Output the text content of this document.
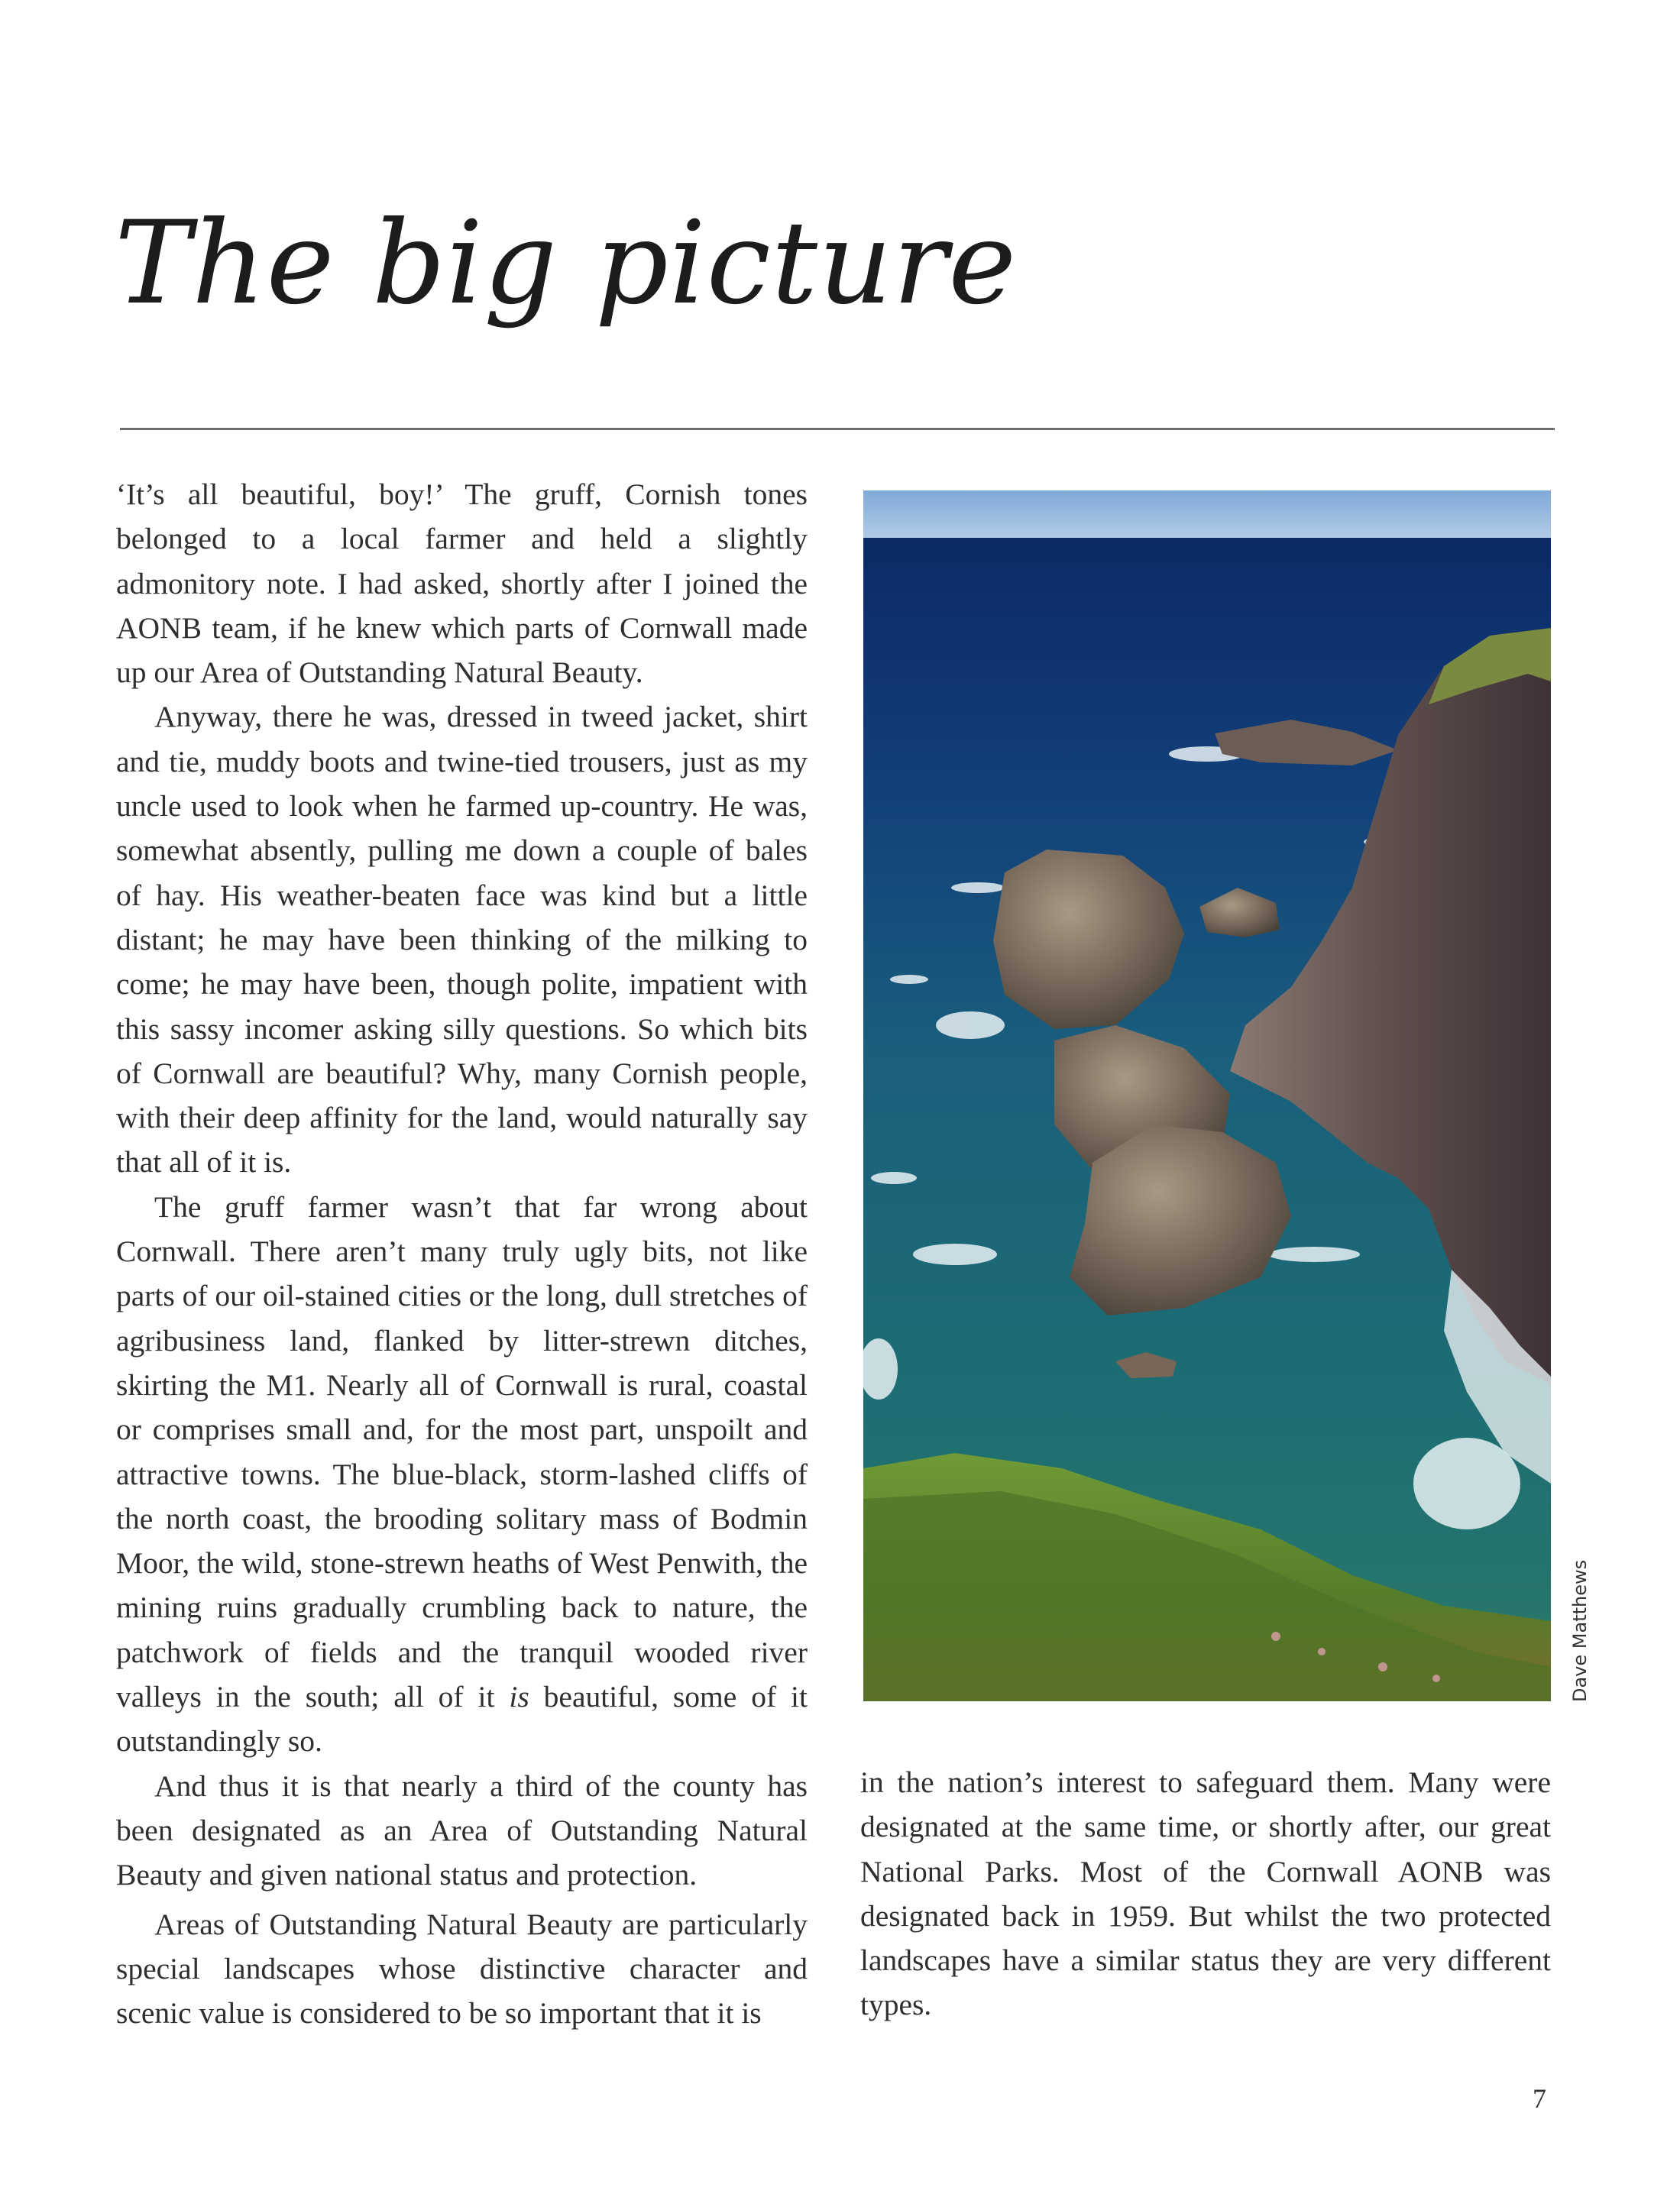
The big picture

‘It’s all beautiful, boy!’ The gruff, Cornish tones belonged to a local farmer and held a slightly admonitory note. I had asked, shortly after I joined the AONB team, if he knew which parts of Cornwall made up our Area of Outstanding Natural Beauty.

Anyway, there he was, dressed in tweed jacket, shirt and tie, muddy boots and twine-tied trousers, just as my uncle used to look when he farmed up-country. He was, somewhat absently, pulling me down a couple of bales of hay. His weather-beaten face was kind but a little distant; he may have been thinking of the milking to come; he may have been, though polite, impatient with this sassy incomer asking silly questions. So which bits of Cornwall are beautiful? Why, many Cornish people, with their deep affinity for the land, would naturally say that all of it is.

The gruff farmer wasn’t that far wrong about Cornwall. There aren’t many truly ugly bits, not like parts of our oil-stained cities or the long, dull stretches of agribusiness land, flanked by litter-strewn ditches, skirting the M1. Nearly all of Cornwall is rural, coastal or comprises small and, for the most part, unspoilt and attractive towns. The blue-black, storm-lashed cliffs of the north coast, the brooding solitary mass of Bodmin Moor, the wild, stone-strewn heaths of West Penwith, the mining ruins gradually crumbling back to nature, the patchwork of fields and the tranquil wooded river valleys in the south; all of it is beautiful, some of it outstandingly so.

And thus it is that nearly a third of the county has been designated as an Area of Outstanding Natural Beauty and given national status and protection.

Areas of Outstanding Natural Beauty are particularly special landscapes whose distinctive character and scenic value is considered to be so important that it is

Dave Matthews

in the nation’s interest to safeguard them. Many were designated at the same time, or shortly after, our great National Parks. Most of the Cornwall AONB was designated back in 1959. But whilst the two protected landscapes have a similar status they are very different types.

7
